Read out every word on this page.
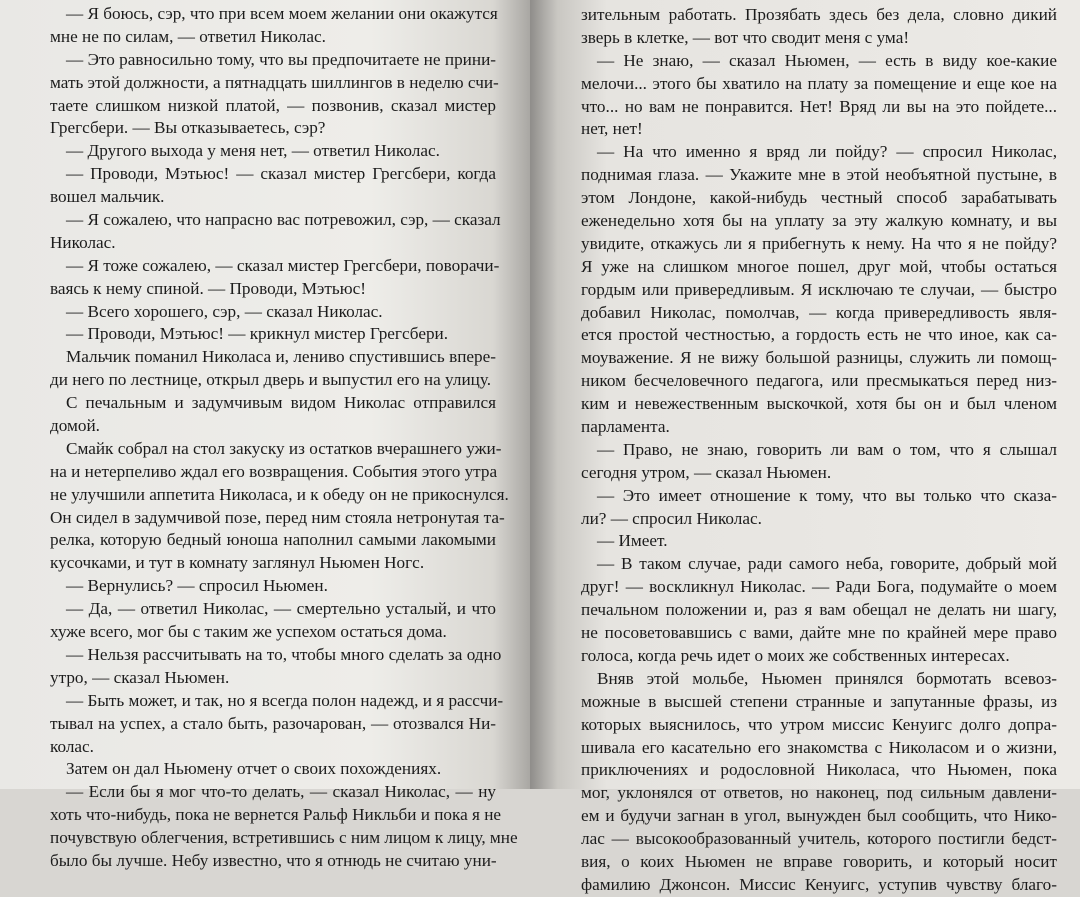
— Я боюсь, сэр, что при всем моем желании они окажутся
мне не по силам, — ответил Николас.
— Это равносильно тому, что вы предпочитаете не прини-
мать этой должности, а пятнадцать шиллингов в неделю счи-
таете слишком низкой платой, — позвонив, сказал мистер
Грегсбери. — Вы отказываетесь, сэр?
— Другого выхода у меня нет, — ответил Николас.
— Проводи, Мэтьюс! — сказал мистер Грегсбери, когда
вошел мальчик.
— Я сожалею, что напрасно вас потревожил, сэр, — сказал
Николас.
— Я тоже сожалею, — сказал мистер Грегсбери, поворачи-
ваясь к нему спиной. — Проводи, Мэтьюс!
— Всего хорошего, сэр, — сказал Николас.
— Проводи, Мэтьюс! — крикнул мистер Грегсбери.
Мальчик поманил Николаса и, лениво спустившись впере-
ди него по лестнице, открыл дверь и выпустил его на улицу.
С печальным и задумчивым видом Николас отправился
домой.
Смайк собрал на стол закуску из остатков вчерашнего ужи-
на и нетерпеливо ждал его возвращения. События этого утра
не улучшили аппетита Николаса, и к обеду он не прикоснулся.
Он сидел в задумчивой позе, перед ним стояла нетронутая та-
релка, которую бедный юноша наполнил самыми лакомыми
кусочками, и тут в комнату заглянул Ньюмен Ногс.
— Вернулись? — спросил Ньюмен.
— Да, — ответил Николас, — смертельно усталый, и что
хуже всего, мог бы с таким же успехом остаться дома.
— Нельзя рассчитывать на то, чтобы много сделать за одно
утро, — сказал Ньюмен.
— Быть может, и так, но я всегда полон надежд, и я рассчи-
тывал на успех, а стало быть, разочарован, — отозвался Ни-
колас.
Затем он дал Ньюмену отчет о своих похождениях.
— Если бы я мог что-то делать, — сказал Николас, — ну
хоть что-нибудь, пока не вернется Ральф Никльби и пока я не
почувствую облегчения, встретившись с ним лицом к лицу, мне
было бы лучше. Небу известно, что я отнюдь не считаю уни-
зительным работать. Прозябать здесь без дела, словно дикий
зверь в клетке, — вот что сводит меня с ума!
— Не знаю, — сказал Ньюмен, — есть в виду кое-какие
мелочи... этого бы хватило на плату за помещение и еще кое на
что... но вам не понравится. Нет! Вряд ли вы на это пойдете...
нет, нет!
— На что именно я вряд ли пойду? — спросил Николас,
поднимая глаза. — Укажите мне в этой необъятной пустыне, в
этом Лондоне, какой-нибудь честный способ зарабатывать
еженедельно хотя бы на уплату за эту жалкую комнату, и вы
увидите, откажусь ли я прибегнуть к нему. На что я не пойду?
Я уже на слишком многое пошел, друг мой, чтобы остаться
гордым или привередливым. Я исключаю те случаи, — быстро
добавил Николас, помолчав, — когда привередливость явля-
ется простой честностью, а гордость есть не что иное, как са-
моуважение. Я не вижу большой разницы, служить ли помощ-
ником бесчеловечного педагога, или пресмыкаться перед низ-
ким и невежественным выскочкой, хотя бы он и был членом
парламента.
— Право, не знаю, говорить ли вам о том, что я слышал
сегодня утром, — сказал Ньюмен.
— Это имеет отношение к тому, что вы только что сказа-
ли? — спросил Николас.
— Имеет.
— В таком случае, ради самого неба, говорите, добрый мой
друг! — воскликнул Николас. — Ради Бога, подумайте о моем
печальном положении и, раз я вам обещал не делать ни шагу,
не посоветовавшись с вами, дайте мне по крайней мере право
голоса, когда речь идет о моих же собственных интересах.
Вняв этой мольбе, Ньюмен принялся бормотать всевоз-
можные в высшей степени странные и запутанные фразы, из
которых выяснилось, что утром миссис Кенуигс долго допра-
шивала его касательно его знакомства с Николасом и о жизни,
приключениях и родословной Николаса, что Ньюмен, пока
мог, уклонялся от ответов, но наконец, под сильным давлени-
ем и будучи загнан в угол, вынужден был сообщить, что Нико-
лас — высокообразованный учитель, которого постигли бедст-
вия, о коих Ньюмен не вправе говорить, и который носит
фамилию Джонсон. Миссис Кенуигс, уступив чувству благо-
